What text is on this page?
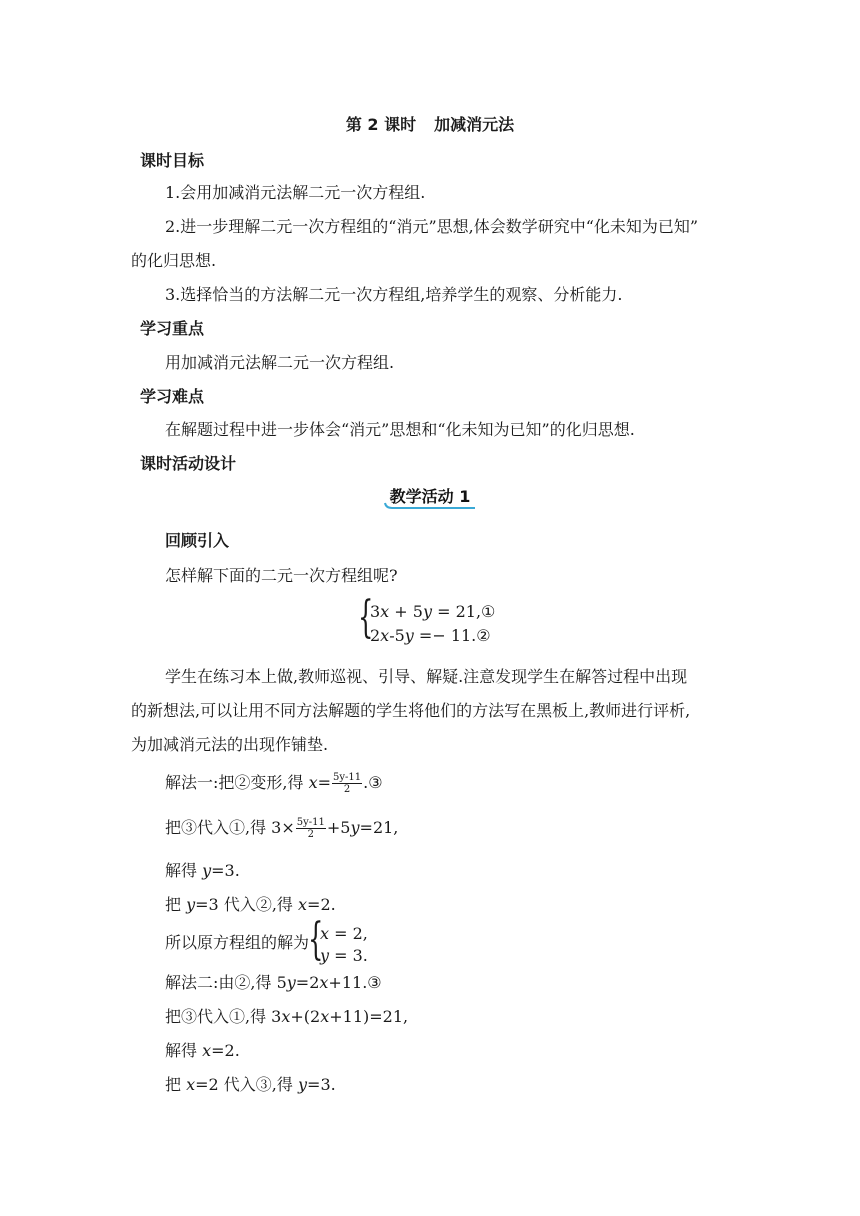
第 2 课时 加减消元法
课时目标
1.会用加减消元法解二元一次方程组.
2.进一步理解二元一次方程组的“消元”思想,体会数学研究中“化未知为已知”
的化归思想.
3.选择恰当的方法解二元一次方程组,培养学生的观察、分析能力.
学习重点
用加减消元法解二元一次方程组.
学习难点
在解题过程中进一步体会“消元”思想和“化未知为已知”的化归思想.
课时活动设计
教学活动 1
回顾引入
怎样解下面的二元一次方程组呢?
{
3𝑥 + 5𝑦 = 21,①
2𝑥-5𝑦 =− 11.②
学生在练习本上做,教师巡视、引导、解疑.注意发现学生在解答过程中出现
的新想法,可以让用不同方法解题的学生将他们的方法写在黑板上,教师进行评析,
为加减消元法的出现作铺垫.
解法一:把②变形,得 $x= \frac{5y-11}{2}$ .③
把③代入①,得 $3\times \frac{5y-11}{2} +5y=21$,
解得 y=3.
把 y=3 代入②,得 x=2.
所以原方程组的解为
{
𝑥 = 2,
𝑦 = 3.
解法二:由②,得 5y=2x+11.③
把③代入①,得 3x+(2x+11)=21,
解得 x=2.
把 x=2 代入③,得 y=3.
